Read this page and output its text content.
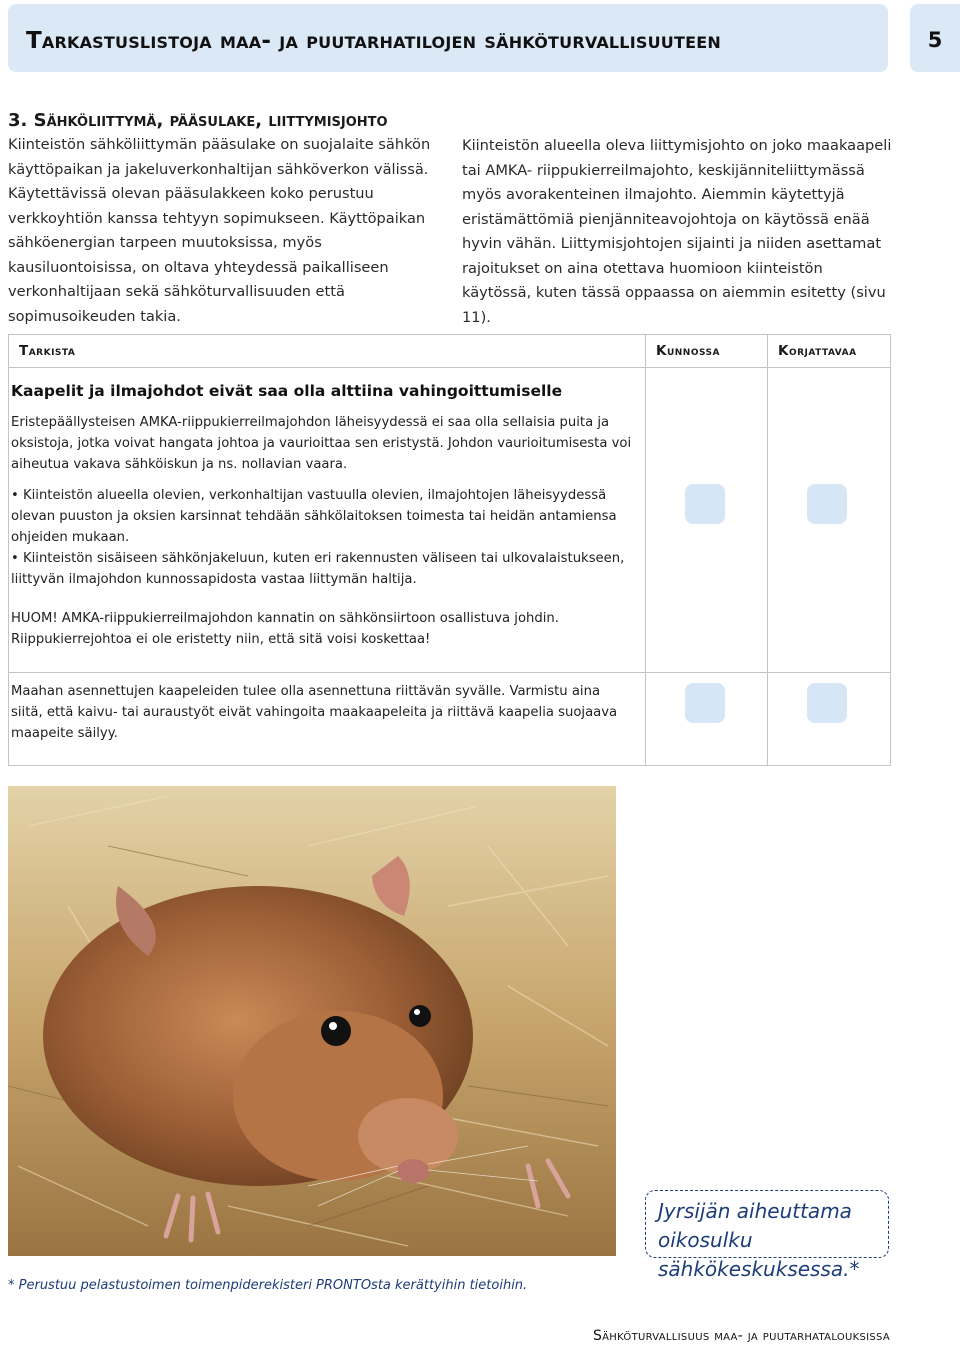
Tarkastuslistoja maa- ja puutarhatilojen sähköturvallisuuteen	5

3. Sähköliittymä, pääsulake, liittymisjohto

Kiinteistön sähköliittymän pääsulake on suojalaite sähkön käyttöpaikan ja jakeluverkonhaltijan sähköverkon välissä. Käytettävissä olevan pääsulakkeen koko perustuu verkkoyhtiön kanssa tehtyyn sopimukseen. Käyttöpaikan sähköenergian tarpeen muutoksissa, myös kausiluontoisissa, on oltava yhteydessä paikalliseen verkonhaltijaan sekä sähköturvallisuuden että sopimusoikeuden takia.

Kiinteistön alueella oleva liittymisjohto on joko maakaapeli tai AMKA- riippukierreilmajohto, keskijänniteliittymässä myös avorakenteinen ilmajohto. Aiemmin käytettyjä eristämättömiä pienjänniteavojohtoja on käytössä enää hyvin vähän. Liittymisjohtojen sijainti ja niiden asettamat rajoitukset on aina otettava huomioon kiinteistön käytössä, kuten tässä oppaassa on aiemmin esitetty (sivu 11).

Tarkista	Kunnossa	Korjattavaa

Kaapelit ja ilmajohdot eivät saa olla alttiina vahingoittumiselle

Eristepäällysteisen AMKA-riippukierreilmajohdon läheisyydessä ei saa olla sellaisia puita ja oksistoja, jotka voivat hangata johtoa ja vaurioittaa sen eristystä. Johdon vaurioitumisesta voi aiheutua vakava sähköiskun ja ns. nollavian vaara.

• Kiinteistön alueella olevien, verkonhaltijan vastuulla olevien, ilmajohtojen läheisyydessä olevan puuston ja oksien karsinnat tehdään sähkölaitoksen toimesta tai heidän antamiensa ohjeiden mukaan.

• Kiinteistön sisäiseen sähkönjakeluun, kuten eri rakennusten väliseen tai ulkovalaistukseen, liittyvän ilmajohdon kunnossapidosta vastaa liittymän haltija.

HUOM! AMKA-riippukierreilmajohdon kannatin on sähkönsiirtoon osallistuva johdin. Riippukierrejohtoa ei ole eristetty niin, että sitä voisi koskettaa!		

Maahan asennettujen kaapeleiden tulee olla asennettuna riittävän syvälle. Varmistu aina siitä, että kaivu- tai auraustyöt eivät vahingoita maakaapeleita ja riittävä kaapelia suojaava maapeite säilyy.		

Jyrsijän aiheuttama oikosulku sähkökeskuksessa.*
* Perustuu pelastustoimen toimenpiderekisteri PRONTOsta kerättyihin tietoihin.
Sähköturvallisuus maa- ja puutarhatalouksissa
